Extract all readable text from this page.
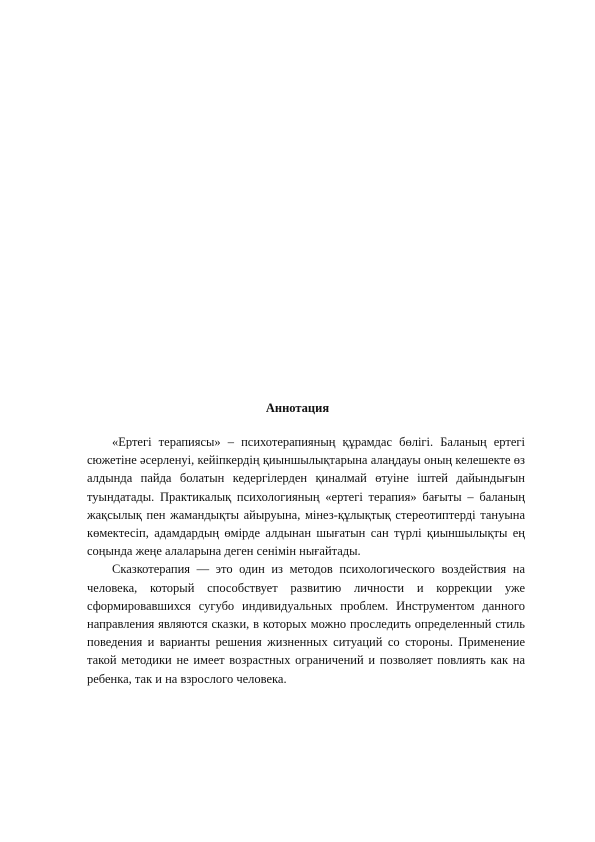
Аннотация

«Ертегі терапиясы» – психотерапияның құрамдас бөлігі. Баланың ертегі сюжетіне әсерленуі, кейіпкердің қиыншылықтарына алаңдауы оның келешекте өз алдында пайда болатын кедергілерден қиналмай өтуіне іштей дайындығын туындатады. Практикалық психологияның «ертегі терапия» бағыты – баланың жақсылық пен жамандықты айыруына, мінез-құлықтық стереотиптерді тануына көмектесіп, адамдардың өмірде алдынан шығатын сан түрлі қиыншылықты ең соңында жеңе алаларына деген сенімін нығайтады.

Сказкотерапия — это один из методов психологического воздействия на человека, который способствует развитию личности и коррекции уже сформировавшихся сугубо индивидуальных проблем. Инструментом данного направления являются сказки, в которых можно проследить определенный стиль поведения и варианты решения жизненных ситуаций со стороны. Применение такой методики не имеет возрастных ограничений и позволяет повлиять как на ребенка, так и на взрослого человека.
